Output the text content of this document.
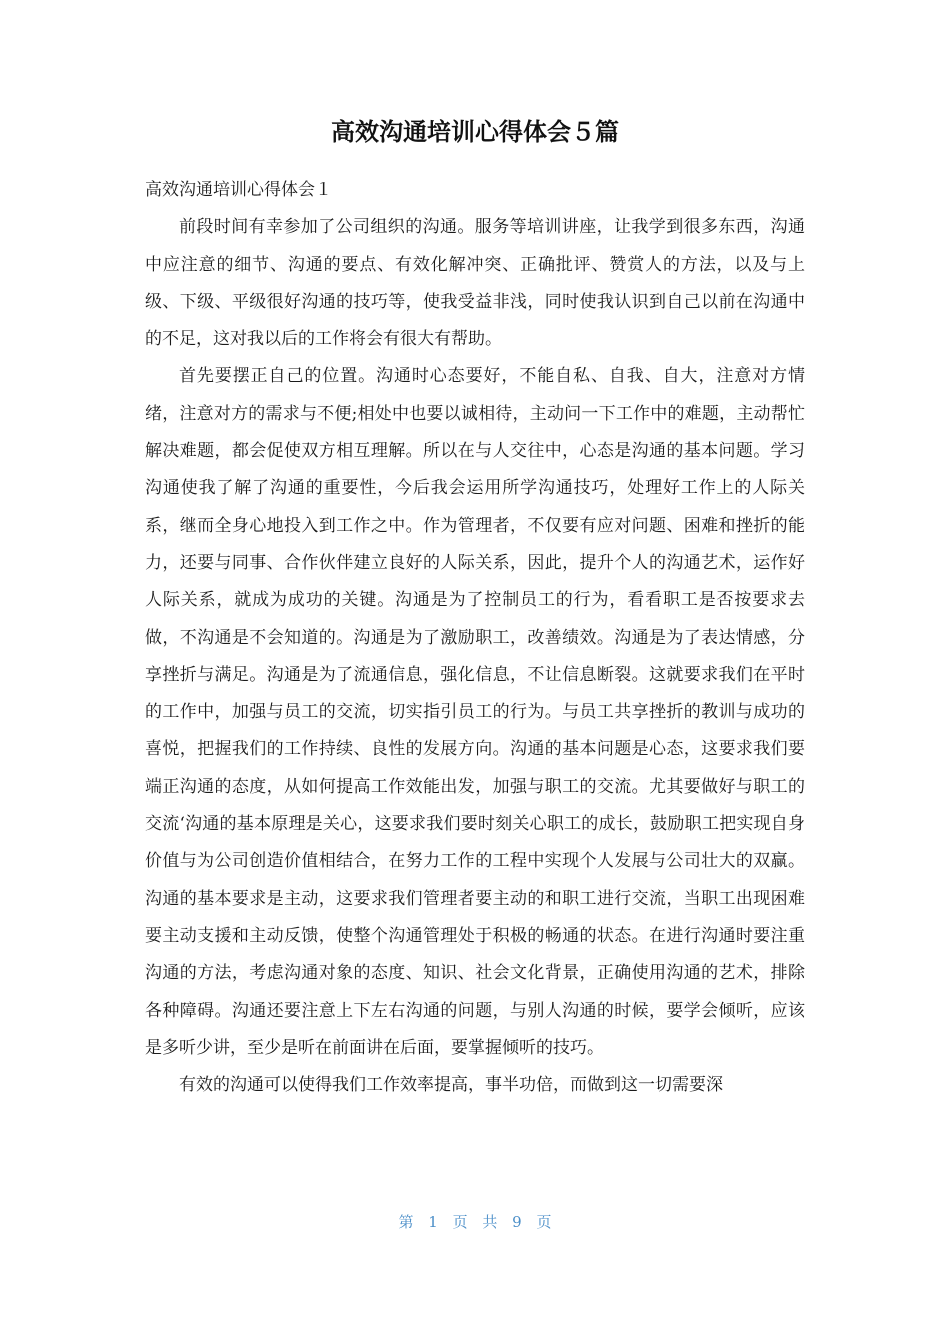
高效沟通培训心得体会５篇

高效沟通培训心得体会１

前段时间有幸参加了公司组织的沟通。服务等培训讲座，让我学到很多东西，沟通中应注意的细节、沟通的要点、有效化解冲突、正确批评、赞赏人的方法，以及与上级、下级、平级很好沟通的技巧等，使我受益非浅，同时使我认识到自己以前在沟通中的不足，这对我以后的工作将会有很大有帮助。

首先要摆正自己的位置。沟通时心态要好，不能自私、自我、自大，注意对方情绪，注意对方的需求与不便;相处中也要以诚相待，主动问一下工作中的难题，主动帮忙解决难题，都会促使双方相互理解。所以在与人交往中，心态是沟通的基本问题。学习沟通使我了解了沟通的重要性，今后我会运用所学沟通技巧，处理好工作上的人际关系，继而全身心地投入到工作之中。作为管理者，不仅要有应对问题、困难和挫折的能力，还要与同事、合作伙伴建立良好的人际关系，因此，提升个人的沟通艺术，运作好人际关系，就成为成功的关键。沟通是为了控制员工的行为，看看职工是否按要求去做，不沟通是不会知道的。沟通是为了激励职工，改善绩效。沟通是为了表达情感，分享挫折与满足。沟通是为了流通信息，强化信息，不让信息断裂。这就要求我们在平时的工作中，加强与员工的交流，切实指引员工的行为。与员工共享挫折的教训与成功的喜悦，把握我们的工作持续、良性的发展方向。沟通的基本问题是心态，这要求我们要端正沟通的态度，从如何提高工作效能出发，加强与职工的交流。尤其要做好与职工的交流‘沟通的基本原理是关心，这要求我们要时刻关心职工的成长，鼓励职工把实现自身价值与为公司创造价值相结合，在努力工作的工程中实现个人发展与公司壮大的双赢。沟通的基本要求是主动，这要求我们管理者要主动的和职工进行交流，当职工出现困难要主动支援和主动反馈，使整个沟通管理处于积极的畅通的状态。在进行沟通时要注重沟通的方法，考虑沟通对象的态度、知识、社会文化背景，正确使用沟通的艺术，排除各种障碍。沟通还要注意上下左右沟通的问题，与别人沟通的时候，要学会倾听，应该是多听少讲，至少是听在前面讲在后面，要掌握倾听的技巧。

有效的沟通可以使得我们工作效率提高，事半功倍，而做到这一切需要深

第 1 页 共 9 页
